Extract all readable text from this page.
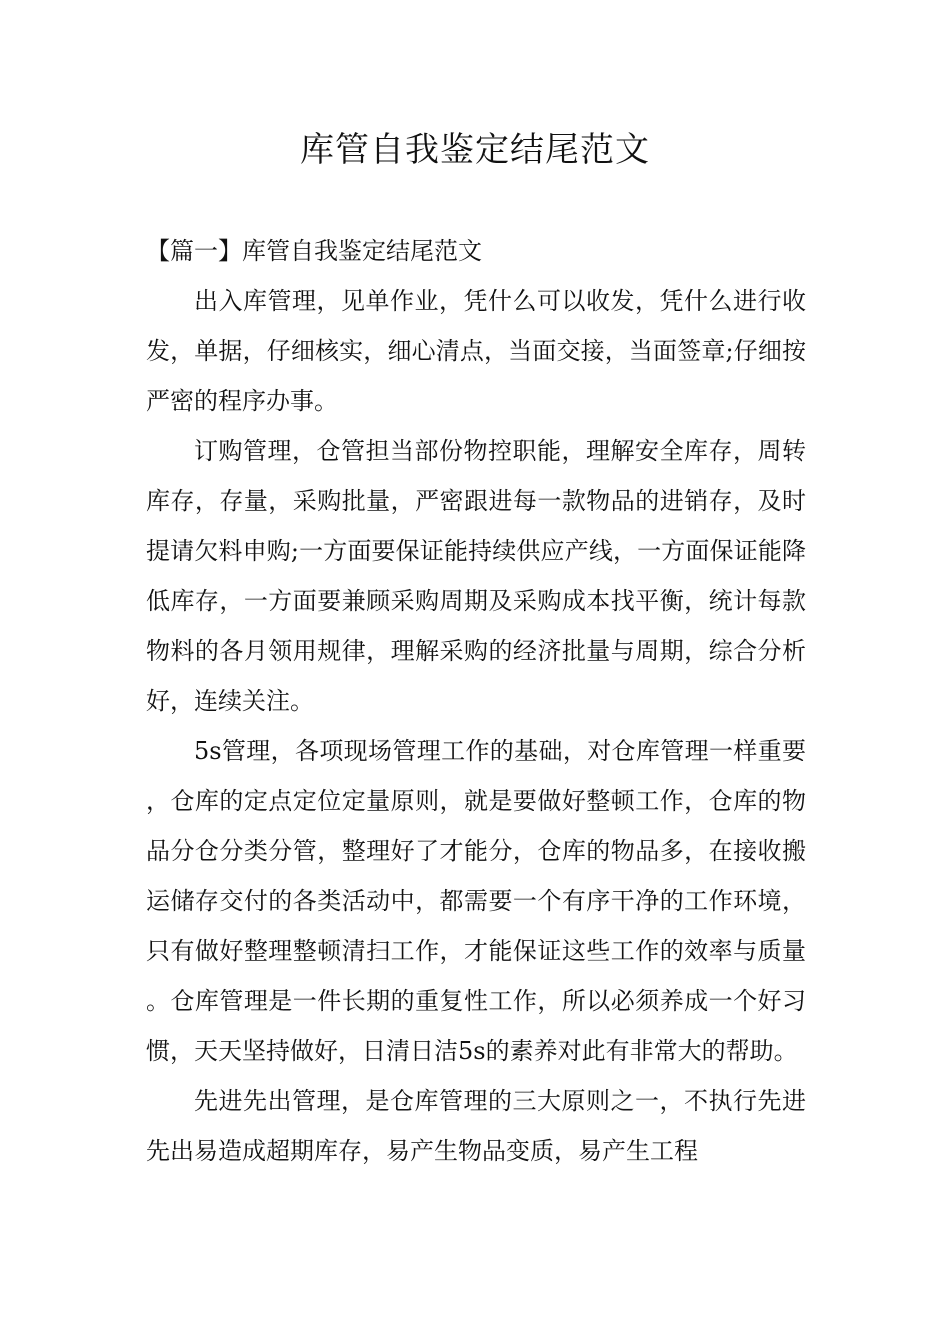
库管自我鉴定结尾范文
【篇一】库管自我鉴定结尾范文

出入库管理，见单作业，凭什么可以收发，凭什么进行收发，单据，仔细核实，细心清点，当面交接，当面签章;仔细按严密的程序办事。

订购管理，仓管担当部份物控职能，理解安全库存，周转库存，存量，采购批量，严密跟进每一款物品的进销存，及时提请欠料申购;一方面要保证能持续供应产线，一方面保证能降低库存，一方面要兼顾采购周期及采购成本找平衡，统计每款物料的各月领用规律，理解采购的经济批量与周期，综合分析好，连续关注。

5s管理，各项现场管理工作的基础，对仓库管理一样重要，仓库的定点定位定量原则，就是要做好整顿工作，仓库的物品分仓分类分管，整理好了才能分，仓库的物品多，在接收搬运储存交付的各类活动中，都需要一个有序干净的工作环境，只有做好整理整顿清扫工作，才能保证这些工作的效率与质量。仓库管理是一件长期的重复性工作，所以必须养成一个好习惯，天天坚持做好，日清日洁5s的素养对此有非常大的帮助。

先进先出管理，是仓库管理的三大原则之一，不执行先进先出易造成超期库存，易产生物品变质，易产生工程
